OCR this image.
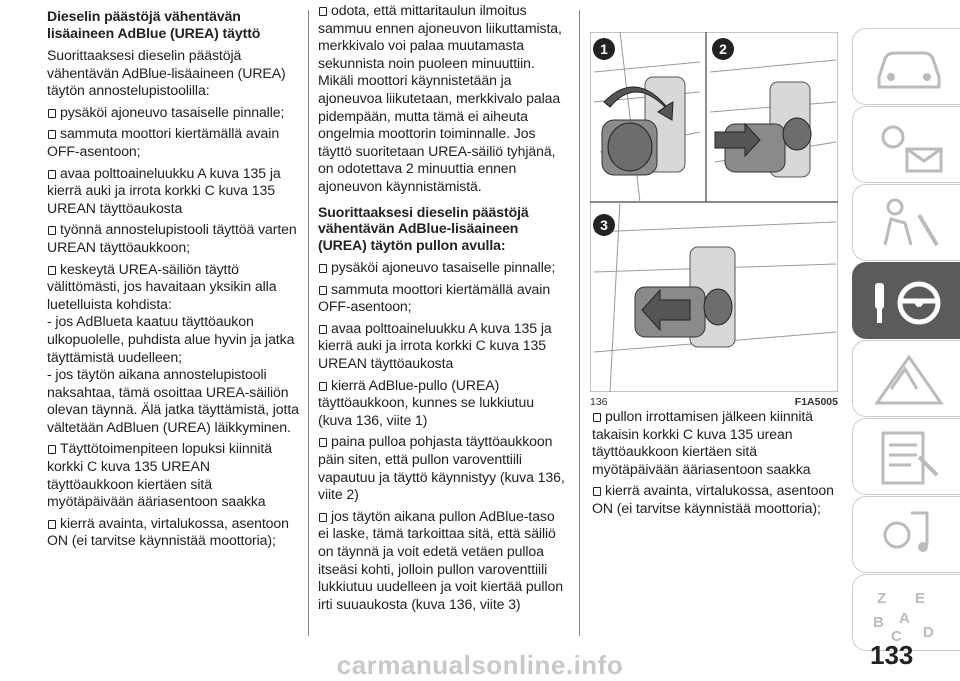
Dieselin päästöjä vähentävän lisäaineen AdBlue (UREA) täyttö

Suorittaaksesi dieselin päästöjä vähentävän AdBlue-lisäaineen (UREA) täytön annostelupistoolilla:

pysäköi ajoneuvo tasaiselle pinnalle;

sammuta moottori kiertämällä avain OFF-asentoon;

avaa polttoaineluukku A kuva 135 ja kierrä auki ja irrota korkki C kuva 135 UREAN täyttöaukosta

työnnä annostelupistooli täyttöä varten UREAN täyttöaukkoon;

keskeytä UREA-säiliön täyttö välittömästi, jos havaitaan yksikin alla luetelluista kohdista:

- jos AdBlueta kaatuu täyttöaukon ulkopuolelle, puhdista alue hyvin ja jatka täyttämistä uudelleen;

- jos täytön aikana annostelupistooli naksahtaa, tämä osoittaa UREA-säiliön olevan täynnä. Älä jatka täyttämistä, jotta vältetään AdBluen (UREA) läikkyminen.

Täyttötoimenpiteen lopuksi kiinnitä korkki C kuva 135 UREAN täyttöaukkoon kiertäen sitä myötäpäivään ääriasentoon saakka

kierrä avainta, virtalukossa, asentoon ON (ei tarvitse käynnistää moottoria);

odota, että mittaritaulun ilmoitus sammuu ennen ajoneuvon liikuttamista, merkkivalo voi palaa muutamasta sekunnista noin puoleen minuuttiin. Mikäli moottori käynnistetään ja ajoneuvoa liikutetaan, merkkivalo palaa pidempään, mutta tämä ei aiheuta ongelmia moottorin toiminnalle. Jos täyttö suoritetaan UREA-säiliö tyhjänä, on odotettava 2 minuuttia ennen ajoneuvon käynnistämistä.

Suorittaaksesi dieselin päästöjä vähentävän AdBlue-lisäaineen (UREA) täytön pullon avulla:

pysäköi ajoneuvo tasaiselle pinnalle;

sammuta moottori kiertämällä avain OFF-asentoon;

avaa polttoaineluukku A kuva 135 ja kierrä auki ja irrota korkki C kuva 135 UREAN täyttöaukosta

kierrä AdBlue-pullo (UREA) täyttöaukkoon, kunnes se lukkiutuu (kuva 136, viite 1)

paina pulloa pohjasta täyttöaukkoon päin siten, että pullon varoventtiili vapautuu ja täyttö käynnistyy (kuva 136, viite 2)

jos täytön aikana pullon AdBlue-taso ei laske, tämä tarkoittaa sitä, että säiliö on täynnä ja voit edetä vetäen pulloa itseäsi kohti, jolloin pullon varoventtiili lukkiutuu uudelleen ja voit kiertää pullon irti suuaukosta (kuva 136, viite 3)

1	2
3
136	F1A5005

pullon irrottamisen jälkeen kiinnitä takaisin korkki C kuva 135 urean täyttöaukkoon kiertäen sitä myötäpäivään ääriasentoon saakka

kierrä avainta, virtalukossa, asentoon ON (ei tarvitse käynnistää moottoria);

Z E
B A
C D
133
carmanualsonline.info
